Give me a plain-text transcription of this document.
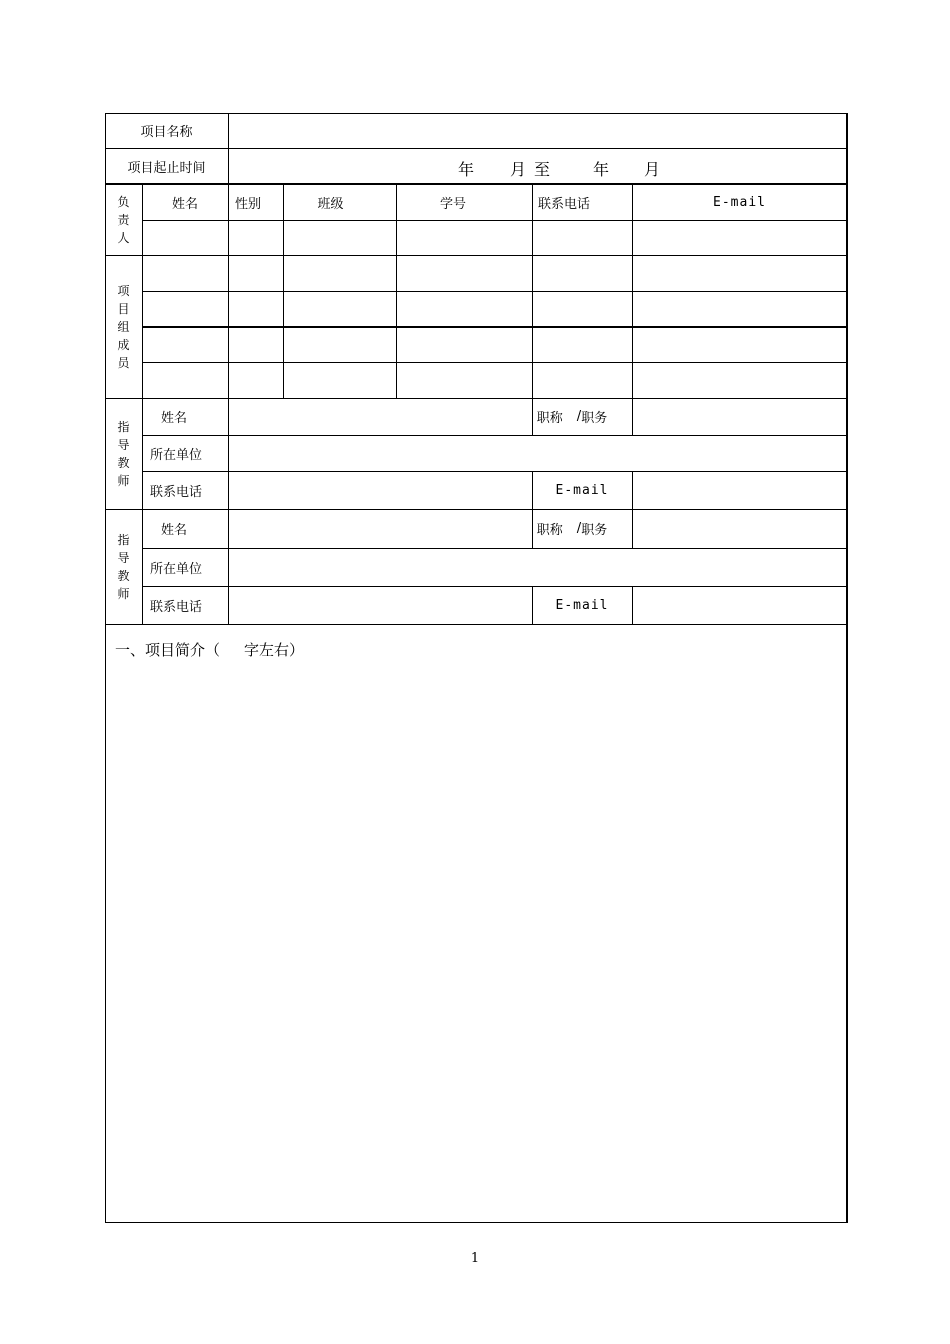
项目名称
项目起止时间	年 月 至	年 月
负
责
人
姓名	性别	班级	学号	联系电话	E-mail
项
目
组
成
员
指
导
教
师
姓名	职称 / 职务
所在单位
联系电话	E-mail
指
导
教
师
姓名	职称 / 职务
所在单位
联系电话	E-mail
一、项目简介（ 字左右）
1
